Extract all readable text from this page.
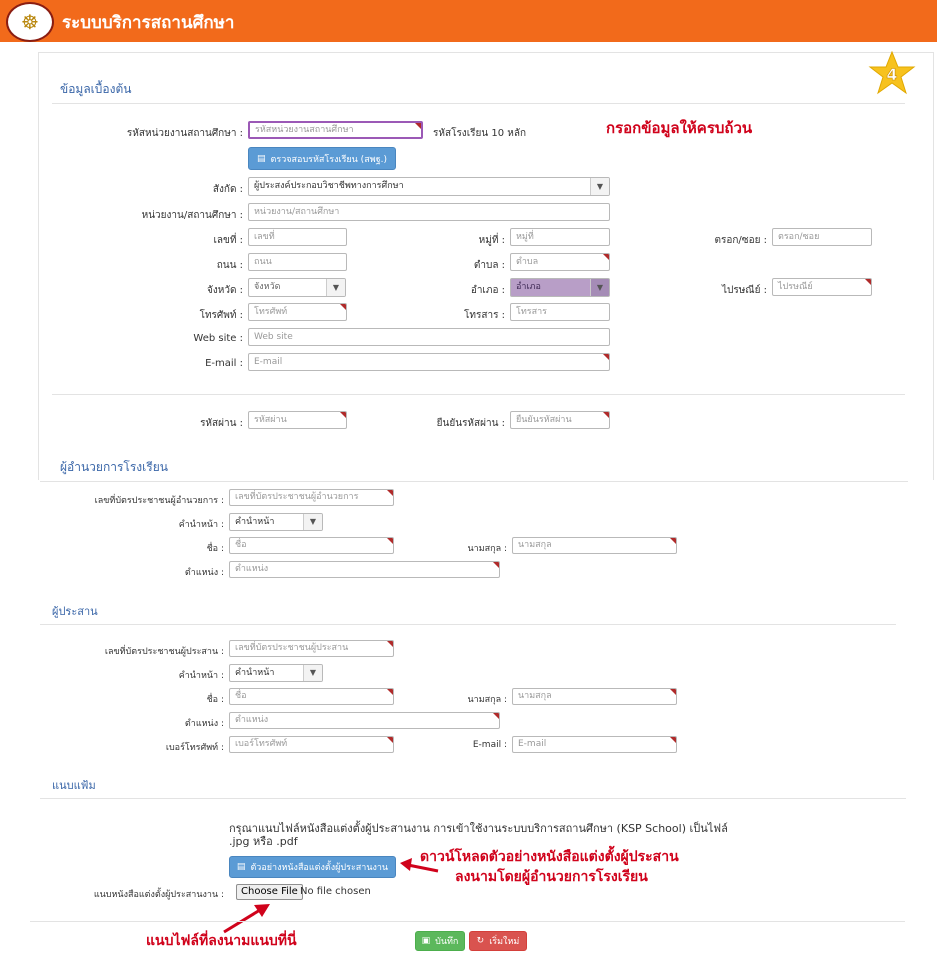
☸	ระบบบริการสถานศึกษา
4
ข้อมูลเบื้องต้น
กรอกข้อมูลให้ครบถ้วน
รหัสหน่วยงานสถานศึกษา :	รหัสหน่วยงานสถานศึกษา	รหัสโรงเรียน 10 หลัก
▤ ตรวจสอบรหัสโรงเรียน (สพฐ.)
สังกัด :	ผู้ประสงค์ประกอบวิชาชีพทางการศึกษา	▼
หน่วยงาน/สถานศึกษา :	หน่วยงาน/สถานศึกษา
เลขที่ :	เลขที่	หมู่ที่ :	หมู่ที่	ตรอก/ซอย :	ตรอก/ซอย
ถนน :	ถนน	ตำบล :	ตำบล
จังหวัด :	จังหวัด	▼	อำเภอ :	อำเภอ	▼	ไปรษณีย์ :	ไปรษณีย์
โทรศัพท์ :	โทรศัพท์	โทรสาร :	โทรสาร
Web site :	Web site
E-mail :	E-mail
รหัสผ่าน :	รหัสผ่าน	ยืนยันรหัสผ่าน :	ยืนยันรหัสผ่าน
ผู้อำนวยการโรงเรียน
เลขที่บัตรประชาชนผู้อำนวยการ :	เลขที่บัตรประชาชนผู้อำนวยการ
คำนำหน้า :	คำนำหน้า	▼
ชื่อ :	ชื่อ	นามสกุล :	นามสกุล
ตำแหน่ง :	ตำแหน่ง
ผู้ประสาน
เลขที่บัตรประชาชนผู้ประสาน :	เลขที่บัตรประชาชนผู้ประสาน
คำนำหน้า :	คำนำหน้า	▼
ชื่อ :	ชื่อ	นามสกุล :	นามสกุล
ตำแหน่ง :	ตำแหน่ง
เบอร์โทรศัพท์ :	เบอร์โทรศัพท์	E-mail :	E-mail
แนบแฟ้ม
กรุณาแนบไฟล์หนังสือแต่งตั้งผู้ประสานงาน การเข้าใช้งานระบบบริการสถานศึกษา (KSP School) เป็นไฟล์ .jpg หรือ .pdf
▤ ตัวอย่างหนังสือแต่งตั้งผู้ประสานงาน
ดาวน์โหลดตัวอย่างหนังสือแต่งตั้งผู้ประสาน
ลงนามโดยผู้อำนวยการโรงเรียน
แนบหนังสือแต่งตั้งผู้ประสานงาน :	Choose File No file chosen
แนบไฟล์ที่ลงนามแนบที่นี่	▣ บันทึก ↻ เริ่มใหม่
